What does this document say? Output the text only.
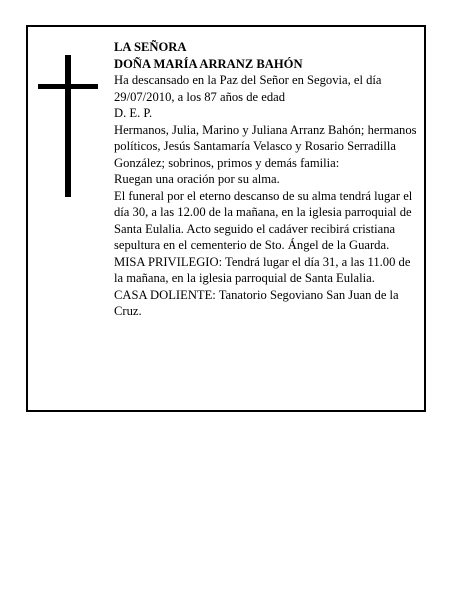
LA SEÑORA

DOÑA MARÍA ARRANZ BAHÓN

Ha descansado en la Paz del Señor en Segovia, el día 29/07/2010, a los 87 años de edad

D. E. P.

Hermanos, Julia, Marino y Juliana Arranz Bahón; hermanos políticos, Jesús Santamaría Velasco y Rosario Serradilla González; sobrinos, primos y demás familia:

Ruegan una oración por su alma.

El funeral por el eterno descanso de su alma tendrá lugar el día 30, a las 12.00 de la mañana, en la iglesia parroquial de Santa Eulalia. Acto seguido el cadáver recibirá cristiana sepultura en el cementerio de Sto. Ángel de la Guarda. MISA PRIVILEGIO: Tendrá lugar el día 31, a las 11.00 de la mañana, en la iglesia parroquial de Santa Eulalia.

CASA DOLIENTE: Tanatorio Segoviano San Juan de la Cruz.
